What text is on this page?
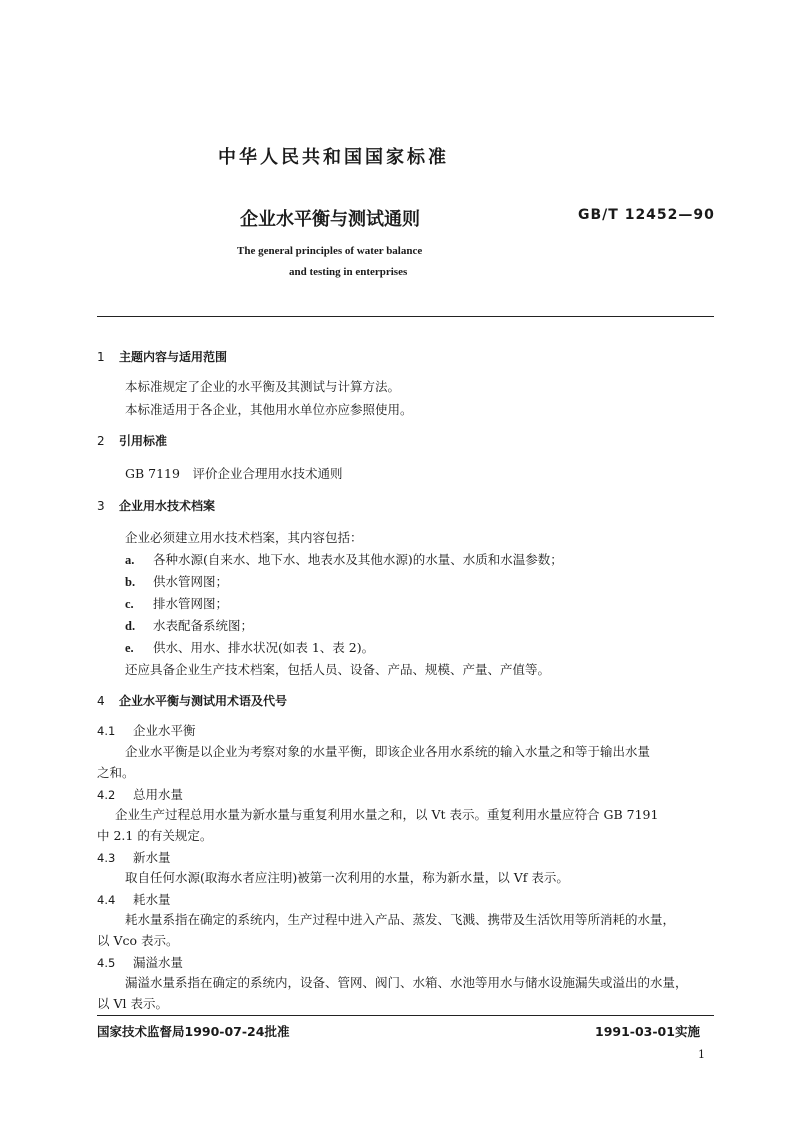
中华人民共和国国家标准
企业水平衡与测试通则	GB/T 12452—90
The general principles of water balance
and testing in enterprises
1 主题内容与适用范围
本标准规定了企业的水平衡及其测试与计算方法。
本标准适用于各企业，其他用水单位亦应参照使用。
2 引用标准
GB 7119　评价企业合理用水技术通则
3 企业用水技术档案
企业必须建立用水技术档案，其内容包括：
a. 各种水源(自来水、地下水、地表水及其他水源)的水量、水质和水温参数；
b. 供水管网图；
c. 排水管网图；
d. 水表配备系统图；
e. 供水、用水、排水状况(如表 1、表 2)。
还应具备企业生产技术档案，包括人员、设备、产品、规模、产量、产值等。
4 企业水平衡与测试用术语及代号
4.1 企业水平衡
企业水平衡是以企业为考察对象的水量平衡，即该企业各用水系统的输入水量之和等于输出水量
之和。
4.2 总用水量
企业生产过程总用水量为新水量与重复利用水量之和，以 Vt 表示。重复利用水量应符合 GB 7191
中 2.1 的有关规定。
4.3 新水量
取自任何水源(取海水者应注明)被第一次利用的水量，称为新水量，以 Vf 表示。
4.4 耗水量
耗水量系指在确定的系统内，生产过程中进入产品、蒸发、飞溅、携带及生活饮用等所消耗的水量，
以 Vco 表示。
4.5 漏溢水量
漏溢水量系指在确定的系统内，设备、管网、阀门、水箱、水池等用水与储水设施漏失或溢出的水量，
以 Vl 表示。
国家技术监督局1990-07-24批准	1991-03-01实施
1
